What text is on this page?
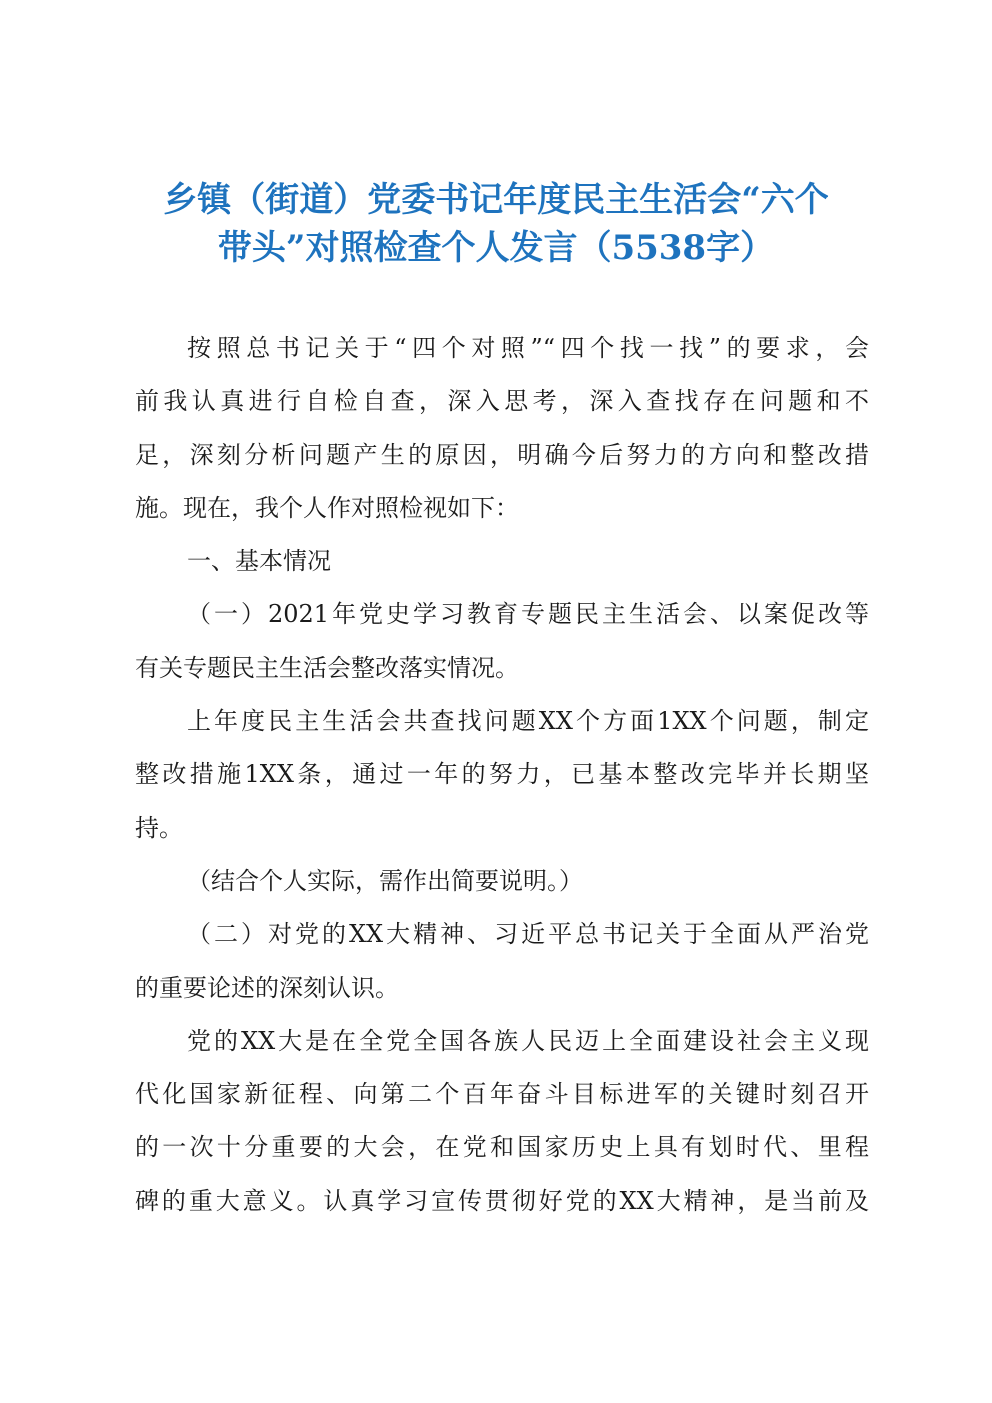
乡镇（街道）党委书记年度民主生活会“六个
带头”对照检查个人发言（5538字）
按照总书记关于“四个对照”“四个找一找”的要求，会
前我认真进行自检自查，深入思考，深入查找存在问题和不
足，深刻分析问题产生的原因，明确今后努力的方向和整改措
施。现在，我个人作对照检视如下：
一、基本情况
（一）2021年党史学习教育专题民主生活会、以案促改等
有关专题民主生活会整改落实情况。
上年度民主生活会共查找问题XX个方面1XX个问题，制定
整改措施1XX条，通过一年的努力，已基本整改完毕并长期坚
持。
（结合个人实际，需作出简要说明。）
（二）对党的XX大精神、习近平总书记关于全面从严治党
的重要论述的深刻认识。
党的XX大是在全党全国各族人民迈上全面建设社会主义现
代化国家新征程、向第二个百年奋斗目标进军的关键时刻召开
的一次十分重要的大会，在党和国家历史上具有划时代、里程
碑的重大意义。认真学习宣传贯彻好党的XX大精神，是当前及
